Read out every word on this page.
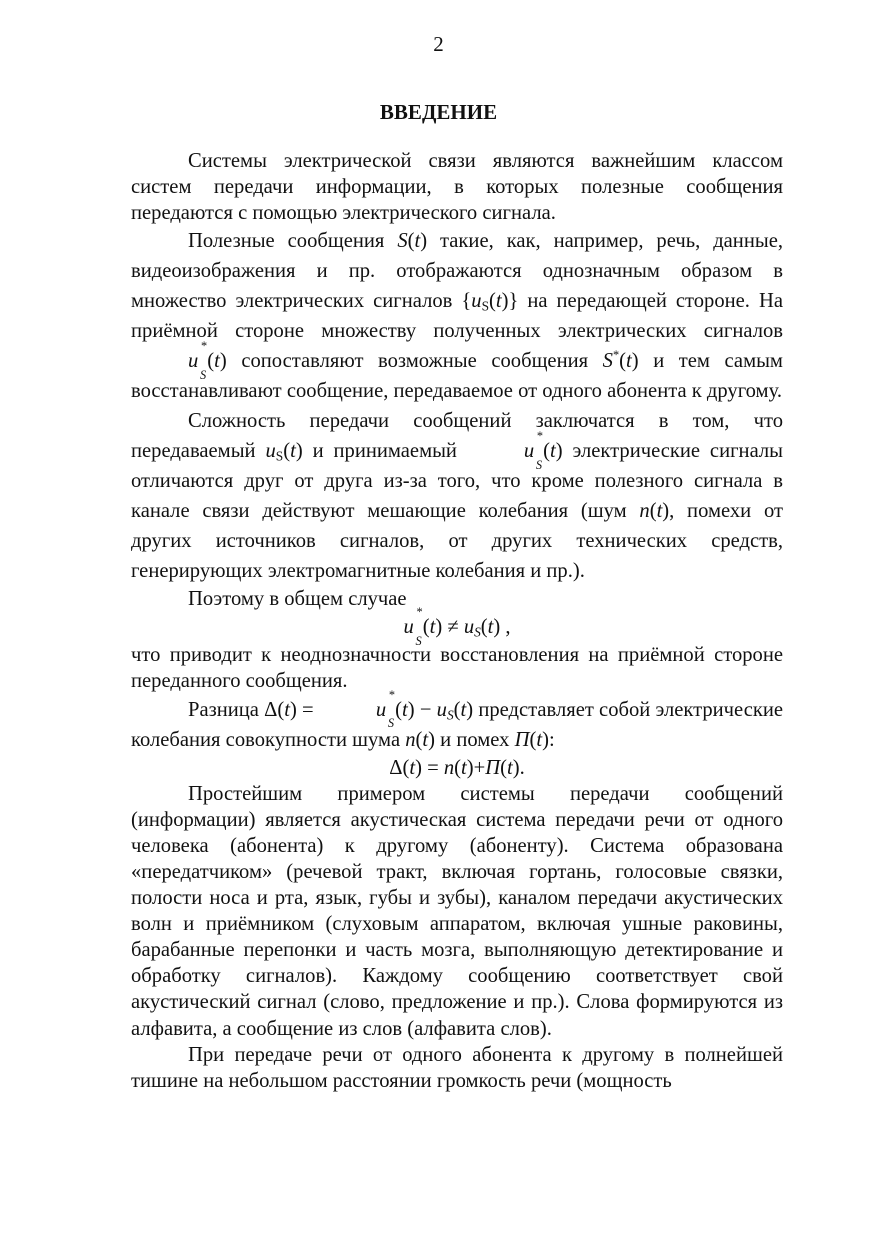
2
ВВЕДЕНИЕ

Системы электрической связи являются важнейшим классом систем передачи информации, в которых полезные сообщения передаются с помощью электрического сигнала.

Полезные сообщения S(t) такие, как, например, речь, данные, видеоизображения и пр. отображаются однозначным образом в множество электрических сигналов $\{u_S(t)\}$ на передающей стороне. На приёмной стороне множеству полученных электрических сигналов u
*
S
(t) сопоставляют возможные сообщения S*(t) и тем самым восстанавливают сообщение, передаваемое от одного абонента к другому.

Сложность передачи сообщений заключатся в том, что передаваемый $u_S(t)$ и принимаемый	u
*
S
(t) электрические сигналы отличаются друг от друга из-за того, что кроме полезного сигнала в канале связи действуют мешающие колебания (шум n(t), помехи от других источников сигналов, от других технических средств, генерирующих электромагнитные колебания и пр.).

Поэтому в общем случае

u
*
S
$(t) \ne u_S(t)$ ,

что приводит к неоднозначности восстановления на приёмной стороне переданного сообщения.

Разница Δ(t) =	u
*
S
$(t) - u_S(t)$ представляет собой электрические колебания совокупности шума n(t) и помех П(t):

Δ(t) = n(t)+П(t).

Простейшим примером системы передачи сообщений (информации) является акустическая система передачи речи от одного человека (абонента) к другому (абоненту). Система образована «передатчиком» (речевой тракт, включая гортань, голосовые связки, полости носа и рта, язык, губы и зубы), каналом передачи акустических волн и приёмником (слуховым аппаратом, включая ушные раковины, барабанные перепонки и часть мозга, выполняющую детектирование и обработку сигналов). Каждому сообщению соответствует свой акустический сигнал (слово, предложение и пр.). Слова формируются из алфавита, а сообщение из слов (алфавита слов).

При передаче речи от одного абонента к другому в полнейшей тишине на небольшом расстоянии громкость речи (мощность
